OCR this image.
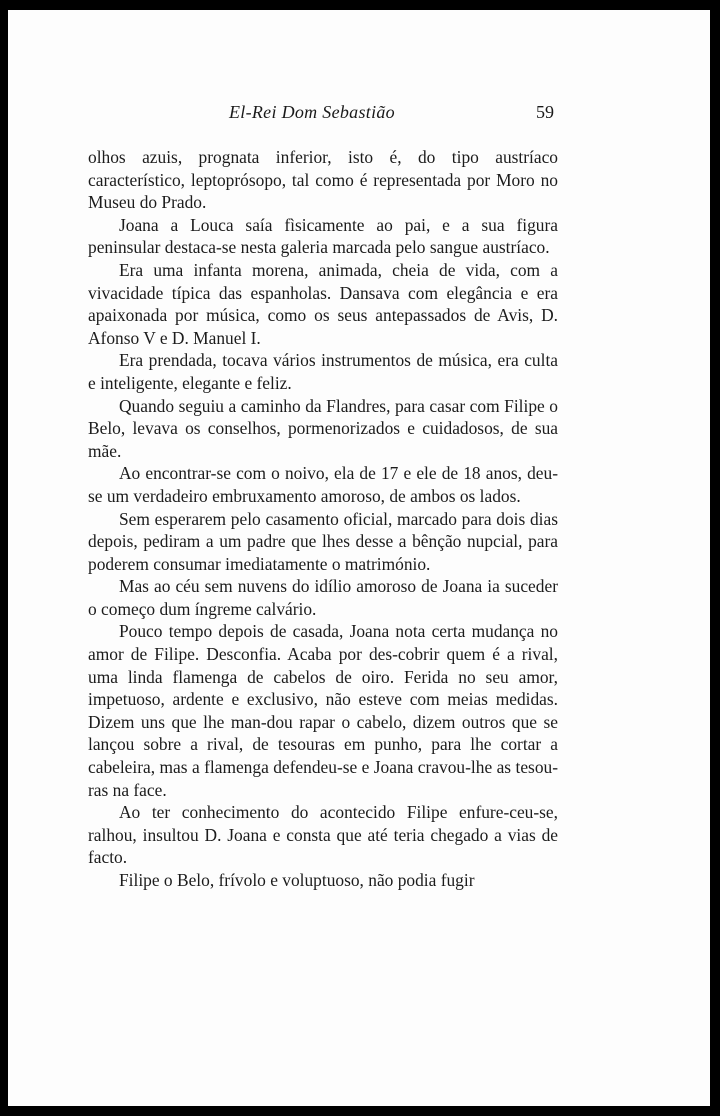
El-Rei Dom Sebastião	59

olhos azuis, prognata inferior, isto é, do tipo austríaco característico, leptoprósopo, tal como é representada por Moro no Museu do Prado.

Joana a Louca saía fìsicamente ao pai, e a sua figura peninsular destaca-se nesta galeria marcada pelo sangue austríaco.

Era uma infanta morena, animada, cheia de vida, com a vivacidade típica das espanholas. Dansava com elegância e era apaixonada por música, como os seus antepassados de Avis, D. Afonso V e D. Manuel I.

Era prendada, tocava vários instrumentos de música, era culta e inteligente, elegante e feliz.

Quando seguiu a caminho da Flandres, para casar com Filipe o Belo, levava os conselhos, pormenorizados e cuidadosos, de sua mãe.

Ao encontrar-se com o noivo, ela de 17 e ele de 18 anos, deu-se um verdadeiro embruxamento amoroso, de ambos os lados.

Sem esperarem pelo casamento oficial, marcado para dois dias depois, pediram a um padre que lhes desse a bênção nupcial, para poderem consumar imediatamente o matrimónio.

Mas ao céu sem nuvens do idílio amoroso de Joana ia suceder o começo dum íngreme calvário.

Pouco tempo depois de casada, Joana nota certa mudança no amor de Filipe. Desconfia. Acaba por des-cobrir quem é a rival, uma linda flamenga de cabelos de oiro. Ferida no seu amor, impetuoso, ardente e exclusivo, não esteve com meias medidas. Dizem uns que lhe man-dou rapar o cabelo, dizem outros que se lançou sobre a rival, de tesouras em punho, para lhe cortar a cabeleira, mas a flamenga defendeu-se e Joana cravou-lhe as tesou-ras na face.

Ao ter conhecimento do acontecido Filipe enfure-ceu-se, ralhou, insultou D. Joana e consta que até teria chegado a vias de facto.

Filipe o Belo, frívolo e voluptuoso, não podia fugir
